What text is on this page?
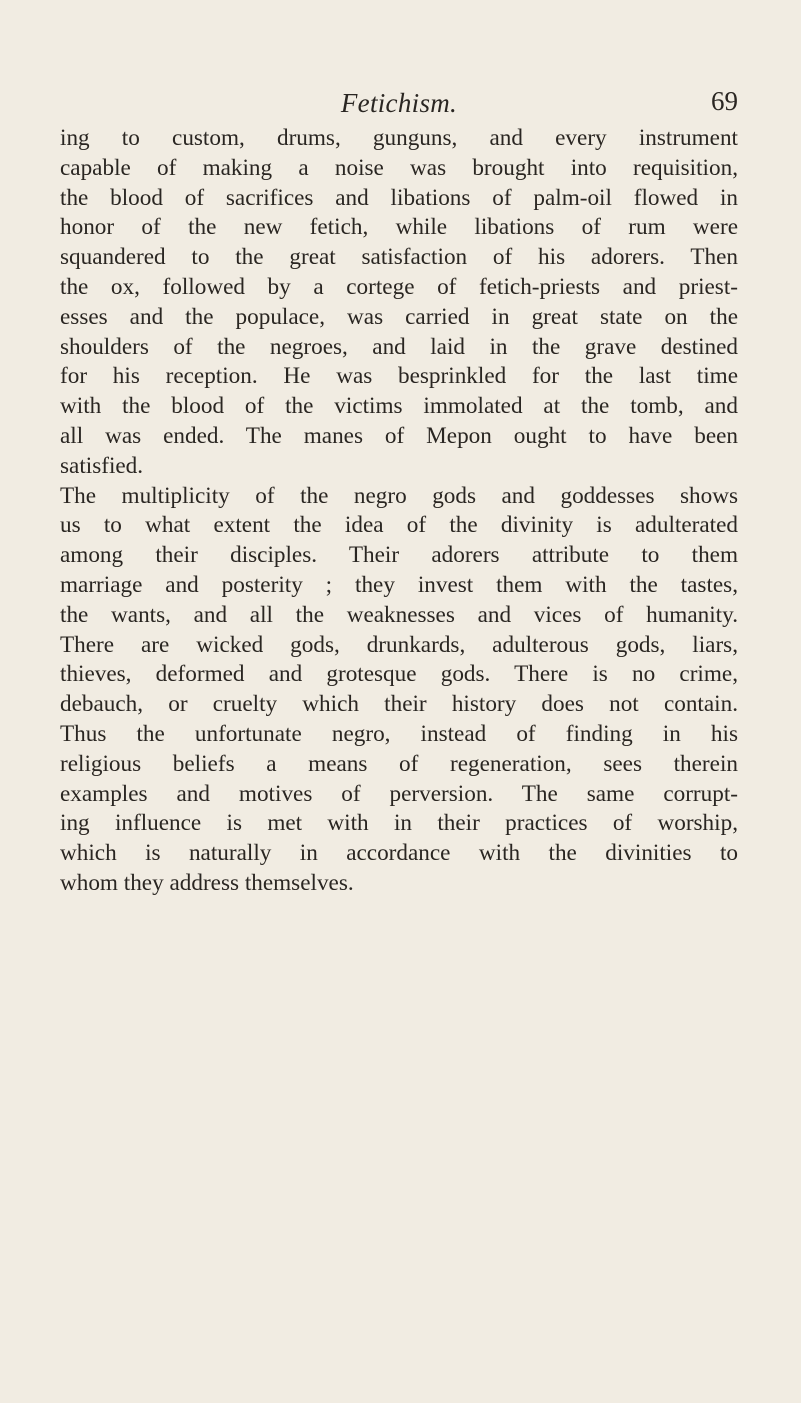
Fetichism.	69
ing to custom, drums, gunguns, and every instrument
capable of making a noise was brought into requisition,
the blood of sacrifices and libations of palm-oil flowed in
honor of the new fetich, while libations of rum were
squandered to the great satisfaction of his adorers. Then
the ox, followed by a cortege of fetich-priests and priest-
esses and the populace, was carried in great state on the
shoulders of the negroes, and laid in the grave destined
for his reception. He was besprinkled for the last time
with the blood of the victims immolated at the tomb, and
all was ended. The manes of Mepon ought to have been
satisfied.
The multiplicity of the negro gods and goddesses shows
us to what extent the idea of the divinity is adulterated
among their disciples. Their adorers attribute to them
marriage and posterity ; they invest them with the tastes,
the wants, and all the weaknesses and vices of humanity.
There are wicked gods, drunkards, adulterous gods, liars,
thieves, deformed and grotesque gods. There is no crime,
debauch, or cruelty which their history does not contain.
Thus the unfortunate negro, instead of finding in his
religious beliefs a means of regeneration, sees therein
examples and motives of perversion. The same corrupt-
ing influence is met with in their practices of worship,
which is naturally in accordance with the divinities to
whom they address themselves.
